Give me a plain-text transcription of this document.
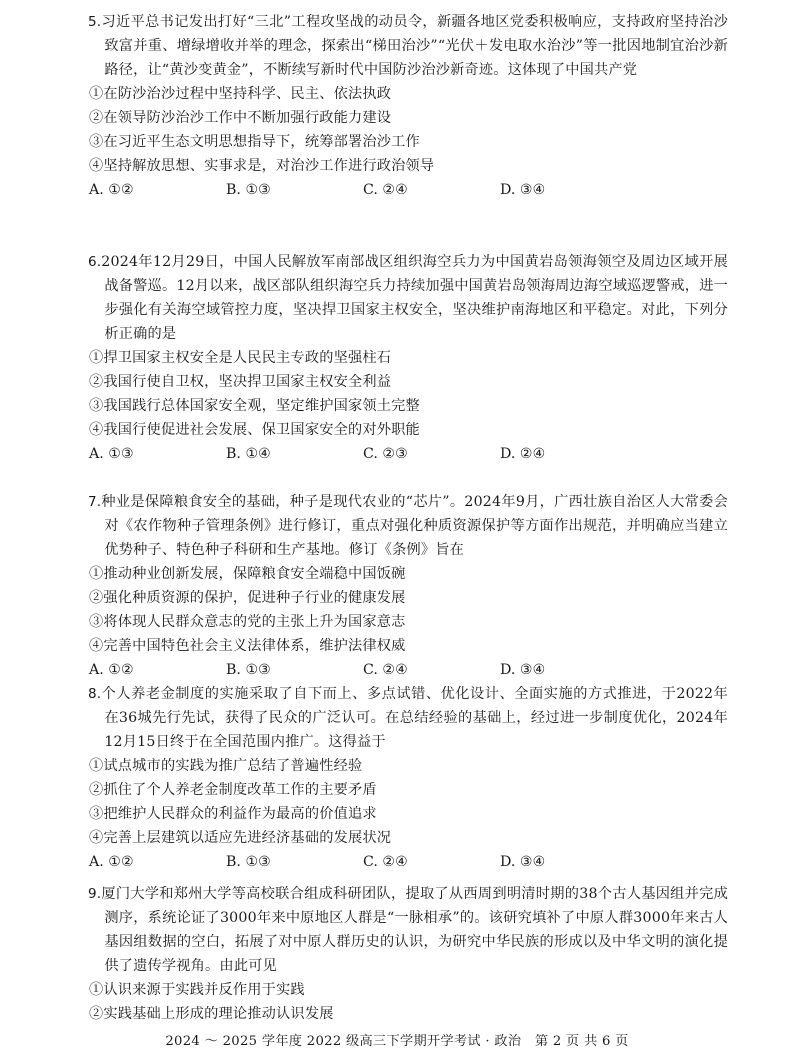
5.习近平总书记发出打好“三北”工程攻坚战的动员令，新疆各地区党委积极响应，支持政府坚持治沙致富并重、增绿增收并举的理念，探索出“梯田治沙”“光伏＋发电取水治沙”等一批因地制宜治沙新路径，让“黄沙变黄金”，不断续写新时代中国防沙治沙新奇迹。这体现了中国共产党

①在防沙治沙过程中坚持科学、民主、依法执政
②在领导防沙治沙工作中不断加强行政能力建设
③在习近平生态文明思想指导下，统筹部署治沙工作
④坚持解放思想、实事求是，对治沙工作进行政治领导
A. ①②	B. ①③	C. ②④	D. ③④

6.2024年12月29日，中国人民解放军南部战区组织海空兵力为中国黄岩岛领海领空及周边区域开展战备警巡。12月以来，战区部队组织海空兵力持续加强中国黄岩岛领海周边海空域巡逻警戒，进一步强化有关海空域管控力度，坚决捍卫国家主权安全，坚决维护南海地区和平稳定。对此，下列分析正确的是

①捍卫国家主权安全是人民民主专政的坚强柱石
②我国行使自卫权，坚决捍卫国家主权安全利益
③我国践行总体国家安全观，坚定维护国家领土完整
④我国行使促进社会发展、保卫国家安全的对外职能
A. ①③	B. ①④	C. ②③	D. ②④

7.种业是保障粮食安全的基础，种子是现代农业的“芯片”。2024年9月，广西壮族自治区人大常委会对《农作物种子管理条例》进行修订，重点对强化种质资源保护等方面作出规范，并明确应当建立优势种子、特色种子科研和生产基地。修订《条例》旨在

①推动种业创新发展，保障粮食安全端稳中国饭碗
②强化种质资源的保护，促进种子行业的健康发展
③将体现人民群众意志的党的主张上升为国家意志
④完善中国特色社会主义法律体系，维护法律权威
A. ①②	B. ①③	C. ②④	D. ③④

8.个人养老金制度的实施采取了自下而上、多点试错、优化设计、全面实施的方式推进，于2022年在36城先行先试，获得了民众的广泛认可。在总结经验的基础上，经过进一步制度优化，2024年12月15日终于在全国范围内推广。这得益于

①试点城市的实践为推广总结了普遍性经验
②抓住了个人养老金制度改革工作的主要矛盾
③把维护人民群众的利益作为最高的价值追求
④完善上层建筑以适应先进经济基础的发展状况
A. ①②	B. ①③	C. ②④	D. ③④

9.厦门大学和郑州大学等高校联合组成科研团队，提取了从西周到明清时期的38个古人基因组并完成测序，系统论证了3000年来中原地区人群是“一脉相承”的。该研究填补了中原人群3000年来古人基因组数据的空白，拓展了对中原人群历史的认识，为研究中华民族的形成以及中华文明的演化提供了遗传学视角。由此可见

①认识来源于实践并反作用于实践
②实践基础上形成的理论推动认识发展
2024 ～ 2025 学年度 2022 级高三下学期开学考试 · 政治　第 2 页 共 6 页
